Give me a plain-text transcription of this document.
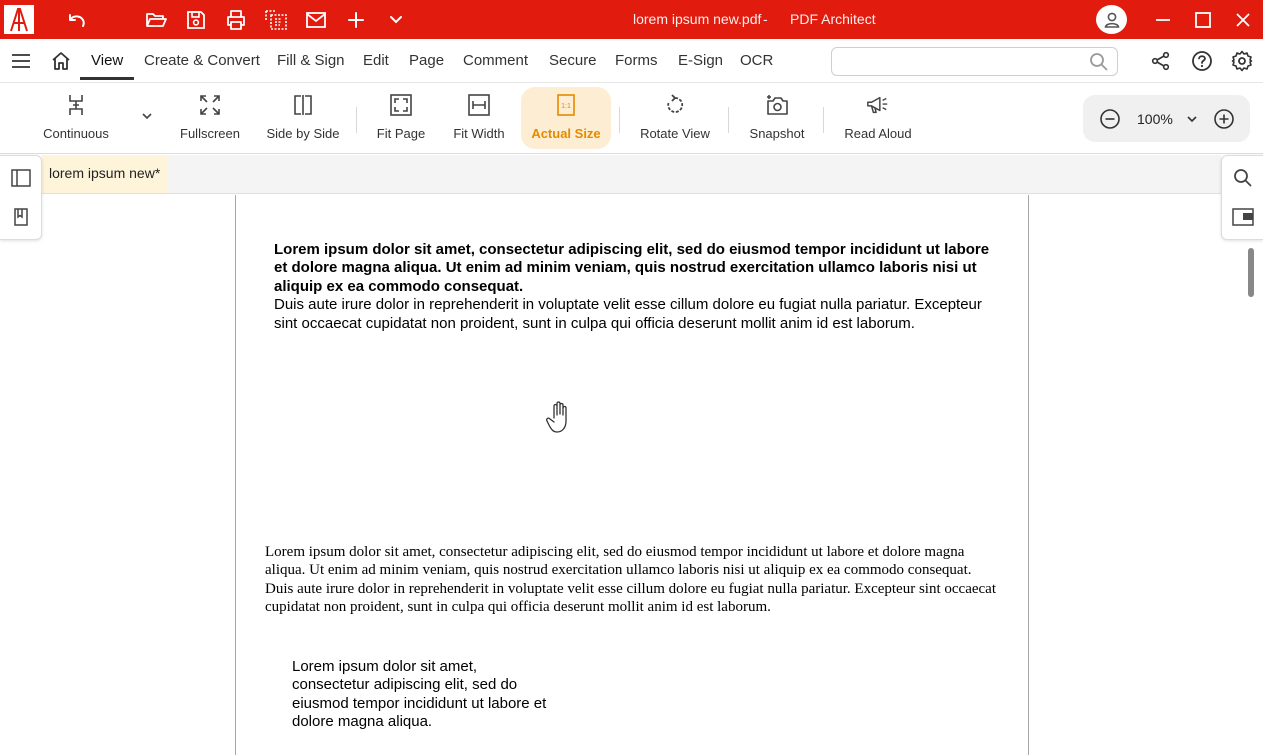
lorem ipsum new.pdf - PDF Architect
View Create & Convert Fill & Sign Edit Page Comment Secure Forms E-Sign OCR
Continuous	Fullscreen Side by Side	Fit Page Fit Width
1:1
Actual Size	Rotate View	Snapshot	Read Aloud
100%
lorem ipsum new*
Lorem ipsum dolor sit amet, consectetur adipiscing elit, sed do eiusmod tempor incididunt ut labore et dolore magna aliqua. Ut enim ad minim veniam, quis nostrud exercitation ullamco laboris nisi ut aliquip ex ea commodo consequat.
Duis aute irure dolor in reprehenderit in voluptate velit esse cillum dolore eu fugiat nulla pariatur. Excepteur sint occaecat cupidatat non proident, sunt in culpa qui officia deserunt mollit anim id est laborum.
Lorem ipsum dolor sit amet, consectetur adipiscing elit, sed do eiusmod tempor incididunt ut labore et dolore magna aliqua. Ut enim ad minim veniam, quis nostrud exercitation ullamco laboris nisi ut aliquip ex ea commodo consequat. Duis aute irure dolor in reprehenderit in voluptate velit esse cillum dolore eu fugiat nulla pariatur. Excepteur sint occaecat cupidatat non proident, sunt in culpa qui officia deserunt mollit anim id est laborum.
Lorem ipsum dolor sit amet, consectetur adipiscing elit, sed do eiusmod tempor incididunt ut labore et dolore magna aliqua.
